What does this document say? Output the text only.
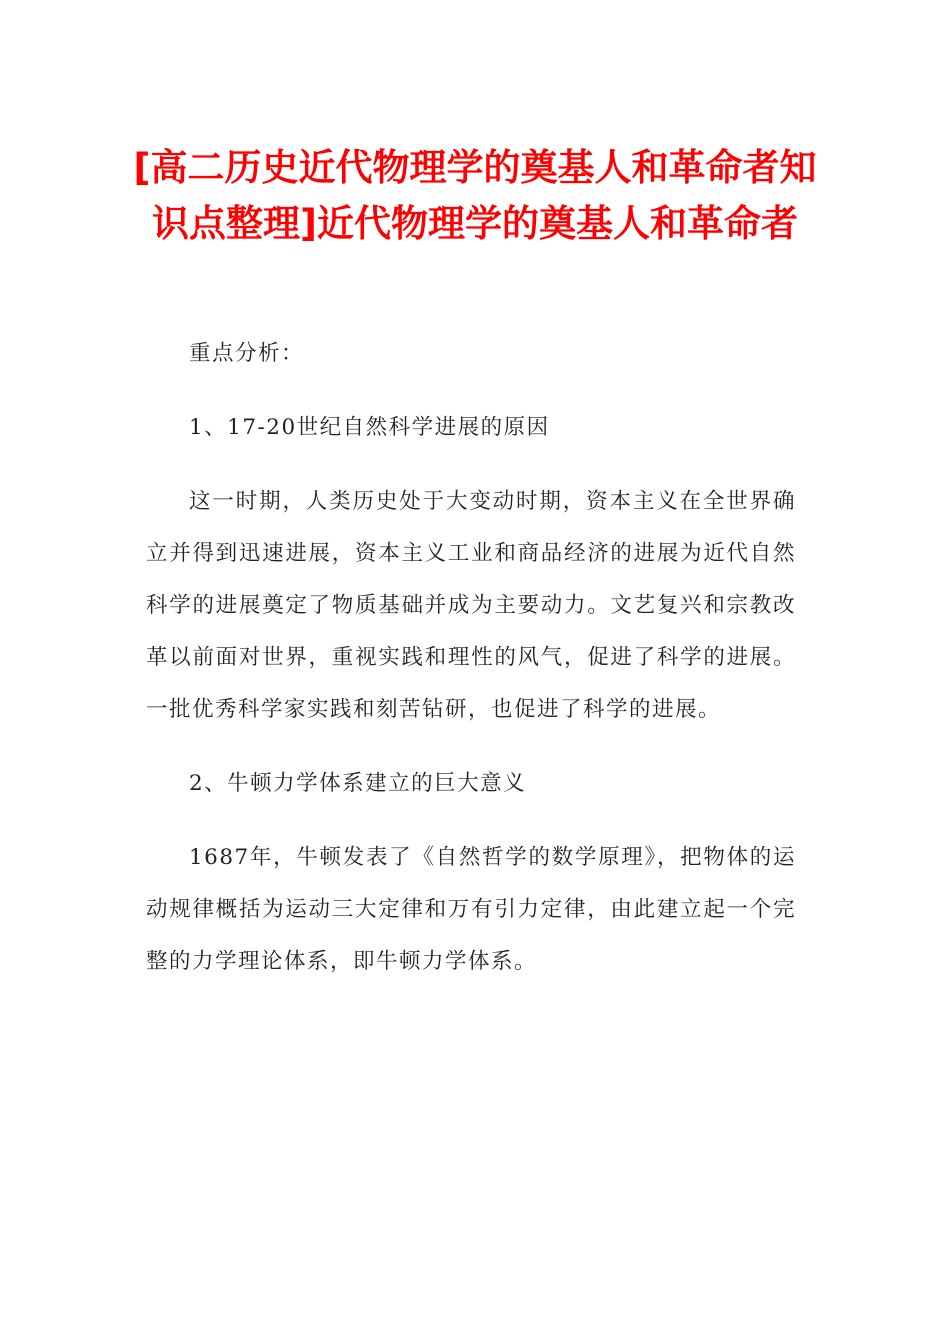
[高二历史近代物理学的奠基人和革命者知识点整理]近代物理学的奠基人和革命者

重点分析：

1、17-20世纪自然科学进展的原因

这一时期，人类历史处于大变动时期，资本主义在全世界确立并得到迅速进展，资本主义工业和商品经济的进展为近代自然科学的进展奠定了物质基础并成为主要动力。文艺复兴和宗教改革以前面对世界，重视实践和理性的风气，促进了科学的进展。一批优秀科学家实践和刻苦钻研，也促进了科学的进展。

2、牛顿力学体系建立的巨大意义

1687年，牛顿发表了《自然哲学的数学原理》，把物体的运动规律概括为运动三大定律和万有引力定律，由此建立起一个完整的力学理论体系，即牛顿力学体系。
